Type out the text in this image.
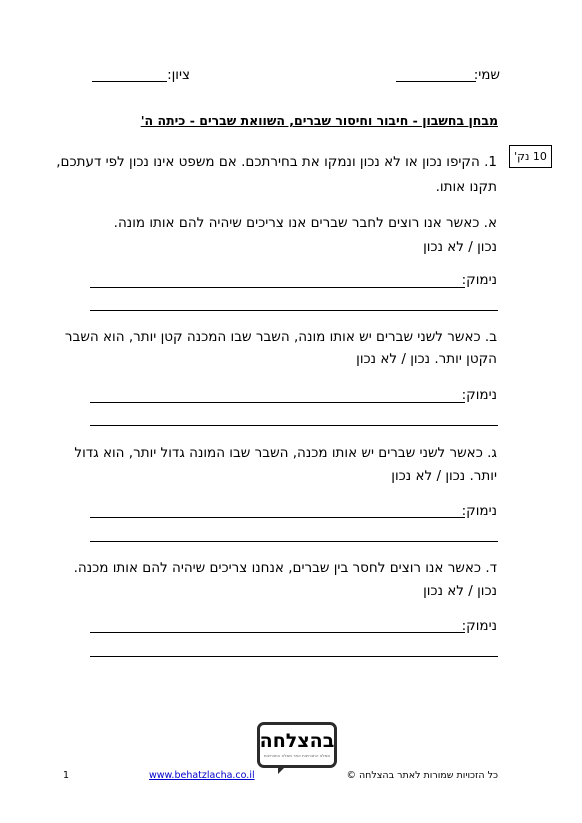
שמי:
ציון:
מבחן בחשבון - חיבור וחיסור שברים, השוואת שברים - כיתה ה'
10 נק'
1. הקיפו נכון או לא נכון ונמקו את בחירתכם. אם משפט אינו נכון לפי דעתכם,
תקנו אותו.
א. כאשר אנו רוצים לחבר שברים אנו צריכים שיהיה להם אותו מונה.
נכון / לא נכון
נימוק:
ב. כאשר לשני שברים יש אותו מונה, השבר שבו המכנה קטן יותר, הוא השבר
הקטן יותר. נכון / לא נכון
נימוק:
ג. כאשר לשני שברים יש אותו מכנה, השבר שבו המונה גדול יותר, הוא גדול
יותר. נכון / לא נכון
נימוק:
ד. כאשר אנו רוצים לחסר בין שברים, אנחנו צריכים שיהיה להם אותו מכנה.
נכון / לא נכון
נימוק:
בהצלחה
ממלא התבחינות אתר ממלא התבחינות
כל הזכויות שמורות לאתר בהצלחה ©
www.behatzlacha.co.il
1
